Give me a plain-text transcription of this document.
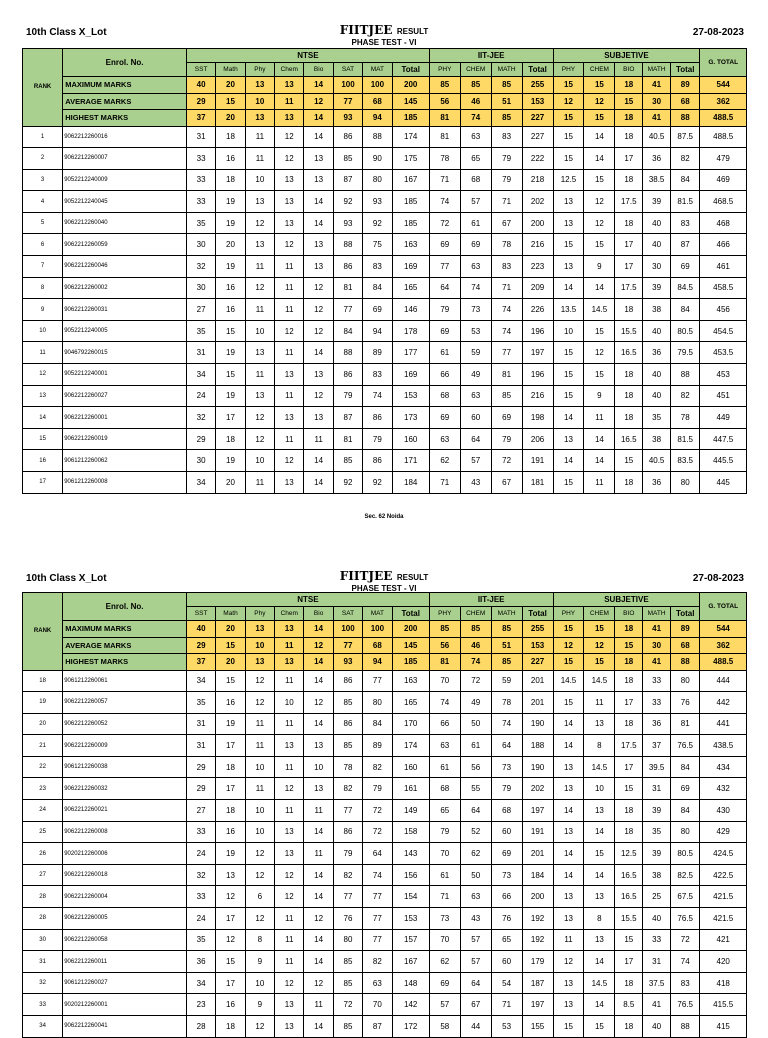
10th Class X_Lot	FIITJEE RESULT
PHASE TEST - VI
27-08-2023
RANK	Enrol. No.	NTSE								IIT-JEE				SUBJETIVE					G. TOTAL
		SST	Math	Phy	Chem	Bio	SAT	MAT	Total	PHY	CHEM	MATH	Total	PHY	CHEM	BIO	MATH	Total	
	MAXIMUM MARKS	40	20	13	13	14	100	100	200	85	85	85	255	15	15	18	41	89	544
	AVERAGE MARKS	29	15	10	11	12	77	68	145	56	46	51	153	12	12	15	30	68	362
	HIGHEST MARKS	37	20	13	13	14	93	94	185	81	74	85	227	15	15	18	41	88	488.5
1	9062212260016	31	18	11	12	14	86	88	174	81	63	83	227	15	14	18	40.5	87.5	488.5
2	9062212260007	33	16	11	12	13	85	90	175	78	65	79	222	15	14	17	36	82	479
3	9052212240009	33	18	10	13	13	87	80	167	71	68	79	218	12.5	15	18	38.5	84	469
4	9052212240045	33	19	13	13	14	92	93	185	74	57	71	202	13	12	17.5	39	81.5	468.5
5	9062212260040	35	19	12	13	14	93	92	185	72	61	67	200	13	12	18	40	83	468
6	9062212260059	30	20	13	12	13	88	75	163	69	69	78	216	15	15	17	40	87	466
7	9062212260046	32	19	11	11	13	86	83	169	77	63	83	223	13	9	17	30	69	461
8	9062212260002	30	16	12	11	12	81	84	165	64	74	71	209	14	14	17.5	39	84.5	458.5
9	9062212260031	27	16	11	11	12	77	69	146	79	73	74	226	13.5	14.5	18	38	84	456
10	9052212240005	35	15	10	12	12	84	94	178	69	53	74	196	10	15	15.5	40	80.5	454.5
11	9046792260015	31	19	13	11	14	88	89	177	61	59	77	197	15	12	16.5	36	79.5	453.5
12	9052212240001	34	15	11	13	13	86	83	169	66	49	81	196	15	15	18	40	88	453
13	9062212260027	24	19	13	11	12	79	74	153	68	63	85	216	15	9	18	40	82	451
14	9062212260001	32	17	12	13	13	87	86	173	69	60	69	198	14	11	18	35	78	449
15	9062212260019	29	18	12	11	11	81	79	160	63	64	79	206	13	14	16.5	38	81.5	447.5
16	9061212260062	30	19	10	12	14	85	86	171	62	57	72	191	14	14	15	40.5	83.5	445.5
17	9061212260008	34	20	11	13	14	92	92	184	71	43	67	181	15	11	18	36	80	445
Sec. 62 Noida
10th Class X_Lot	FIITJEE RESULT
PHASE TEST - VI
27-08-2023
RANK	Enrol. No.	NTSE								IIT-JEE				SUBJETIVE					G. TOTAL
		SST	Math	Phy	Chem	Bio	SAT	MAT	Total	PHY	CHEM	MATH	Total	PHY	CHEM	BIO	MATH	Total	
	MAXIMUM MARKS	40	20	13	13	14	100	100	200	85	85	85	255	15	15	18	41	89	544
	AVERAGE MARKS	29	15	10	11	12	77	68	145	56	46	51	153	12	12	15	30	68	362
	HIGHEST MARKS	37	20	13	13	14	93	94	185	81	74	85	227	15	15	18	41	88	488.5
18	9061212260061	34	15	12	11	14	86	77	163	70	72	59	201	14.5	14.5	18	33	80	444
19	9062212260057	35	16	12	10	12	85	80	165	74	49	78	201	15	11	17	33	76	442
20	9062212260052	31	19	11	11	14	86	84	170	66	50	74	190	14	13	18	36	81	441
21	9062212260009	31	17	11	13	13	85	89	174	63	61	64	188	14	8	17.5	37	76.5	438.5
22	9061212260038	29	18	10	11	10	78	82	160	61	56	73	190	13	14.5	17	39.5	84	434
23	9062212260032	29	17	11	12	13	82	79	161	68	55	79	202	13	10	15	31	69	432
24	9062212260021	27	18	10	11	11	77	72	149	65	64	68	197	14	13	18	39	84	430
25	9062212260008	33	16	10	13	14	86	72	158	79	52	60	191	13	14	18	35	80	429
26	9020212260006	24	19	12	13	11	79	64	143	70	62	69	201	14	15	12.5	39	80.5	424.5
27	9062212260018	32	13	12	12	14	82	74	156	61	50	73	184	14	14	16.5	38	82.5	422.5
28	9062212260004	33	12	6	12	14	77	77	154	71	63	66	200	13	13	16.5	25	67.5	421.5
28	9062212260005	24	17	12	11	12	76	77	153	73	43	76	192	13	8	15.5	40	76.5	421.5
30	9062212260058	35	12	8	11	14	80	77	157	70	57	65	192	11	13	15	33	72	421
31	9062212260011	36	15	9	11	14	85	82	167	62	57	60	179	12	14	17	31	74	420
32	9061212260027	34	17	10	12	12	85	63	148	69	64	54	187	13	14.5	18	37.5	83	418
33	9020212260001	23	16	9	13	11	72	70	142	57	67	71	197	13	14	8.5	41	76.5	415.5
34	9062212260041	28	18	12	13	14	85	87	172	58	44	53	155	15	15	18	40	88	415
